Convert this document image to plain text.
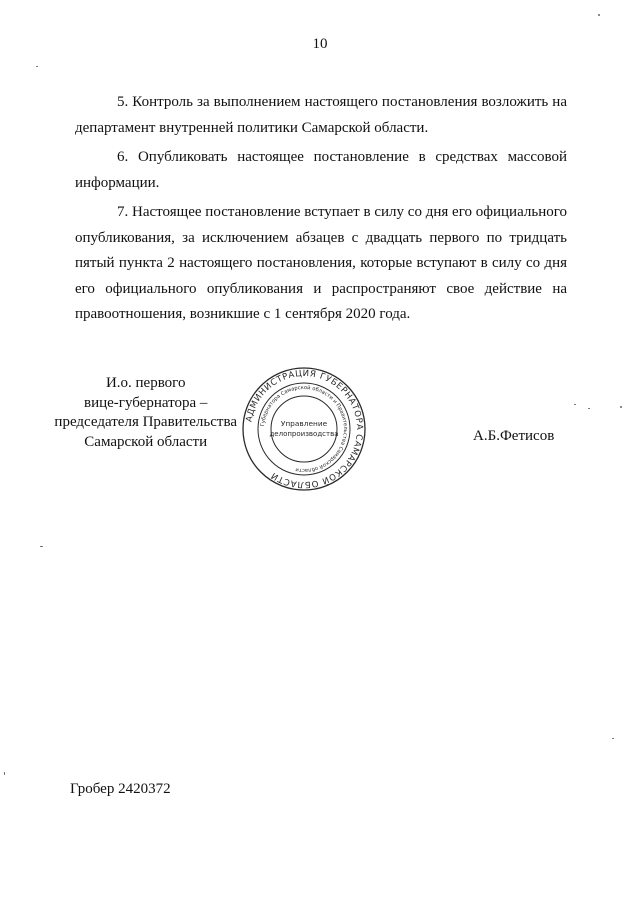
10

5. Контроль за выполнением настоящего постановления возложить на департамент внутренней политики Самарской области.

6. Опубликовать настоящее постановление в средствах массовой информации.

7. Настоящее постановление вступает в силу со дня его официального опубликования, за исключением абзацев с двадцать первого по тридцать пятый пункта 2 настоящего постановления, которые вступают в силу со дня его официального опубликования и распространяют свое действие на правоотношения, возникшие с 1 сентября 2020 года.

И.о. первого
вице-губернатора –
председателя Правительства
Самарской области
АДМИНИСТРАЦИЯ ГУБЕРНАТОРА САМАРСКОЙ ОБЛАСТИ
Губернатора Самарской области и Правительства Самарской области
Управление
делопроизводства	А.Б.Фетисов
Гробер 2420372
